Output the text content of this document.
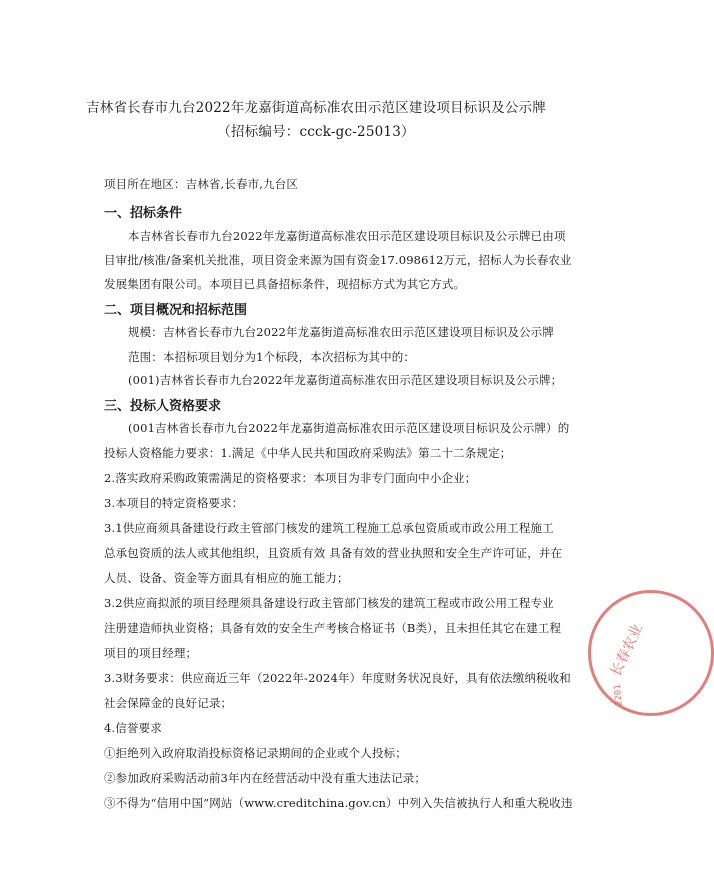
吉林省长春市九台2022年龙嘉街道高标准农田示范区建设项目标识及公示牌
（招标编号：ccck-gc-25013）
项目所在地区：吉林省,长春市,九台区
一、招标条件
本吉林省长春市九台2022年龙嘉街道高标准农田示范区建设项目标识及公示牌已由项
目审批/核准/备案机关批准，项目资金来源为国有资金17.098612万元，招标人为长春农业
发展集团有限公司。本项目已具备招标条件，现招标方式为其它方式。
二、项目概况和招标范围
规模：吉林省长春市九台2022年龙嘉街道高标准农田示范区建设项目标识及公示牌
范围：本招标项目划分为1个标段，本次招标为其中的：
(001)吉林省长春市九台2022年龙嘉街道高标准农田示范区建设项目标识及公示牌；
三、投标人资格要求
(001吉林省长春市九台2022年龙嘉街道高标准农田示范区建设项目标识及公示牌）的
投标人资格能力要求：1.满足《中华人民共和国政府采购法》第二十二条规定；
2.落实政府采购政策需满足的资格要求：本项目为非专门面向中小企业；
3.本项目的特定资格要求：
3.1供应商须具备建设行政主管部门核发的建筑工程施工总承包资质或市政公用工程施工
总承包资质的法人或其他组织，且资质有效 具备有效的营业执照和安全生产许可证，并在
人员、设备、资金等方面具有相应的施工能力；
3.2供应商拟派的项目经理须具备建设行政主管部门核发的建筑工程或市政公用工程专业
注册建造师执业资格；具备有效的安全生产考核合格证书（B类），且未担任其它在建工程
项目的项目经理；
3.3财务要求：供应商近三年（2022年-2024年）年度财务状况良好，具有依法缴纳税收和
社会保障金的良好记录；
4.信誉要求
①拒绝列入政府取消投标资格记录期间的企业或个人投标；
②参加政府采购活动前3年内在经营活动中没有重大违法记录；
③不得为“信用中国”网站（www.creditchina.gov.cn）中列入失信被执行人和重大税收违
长春农业
2201
